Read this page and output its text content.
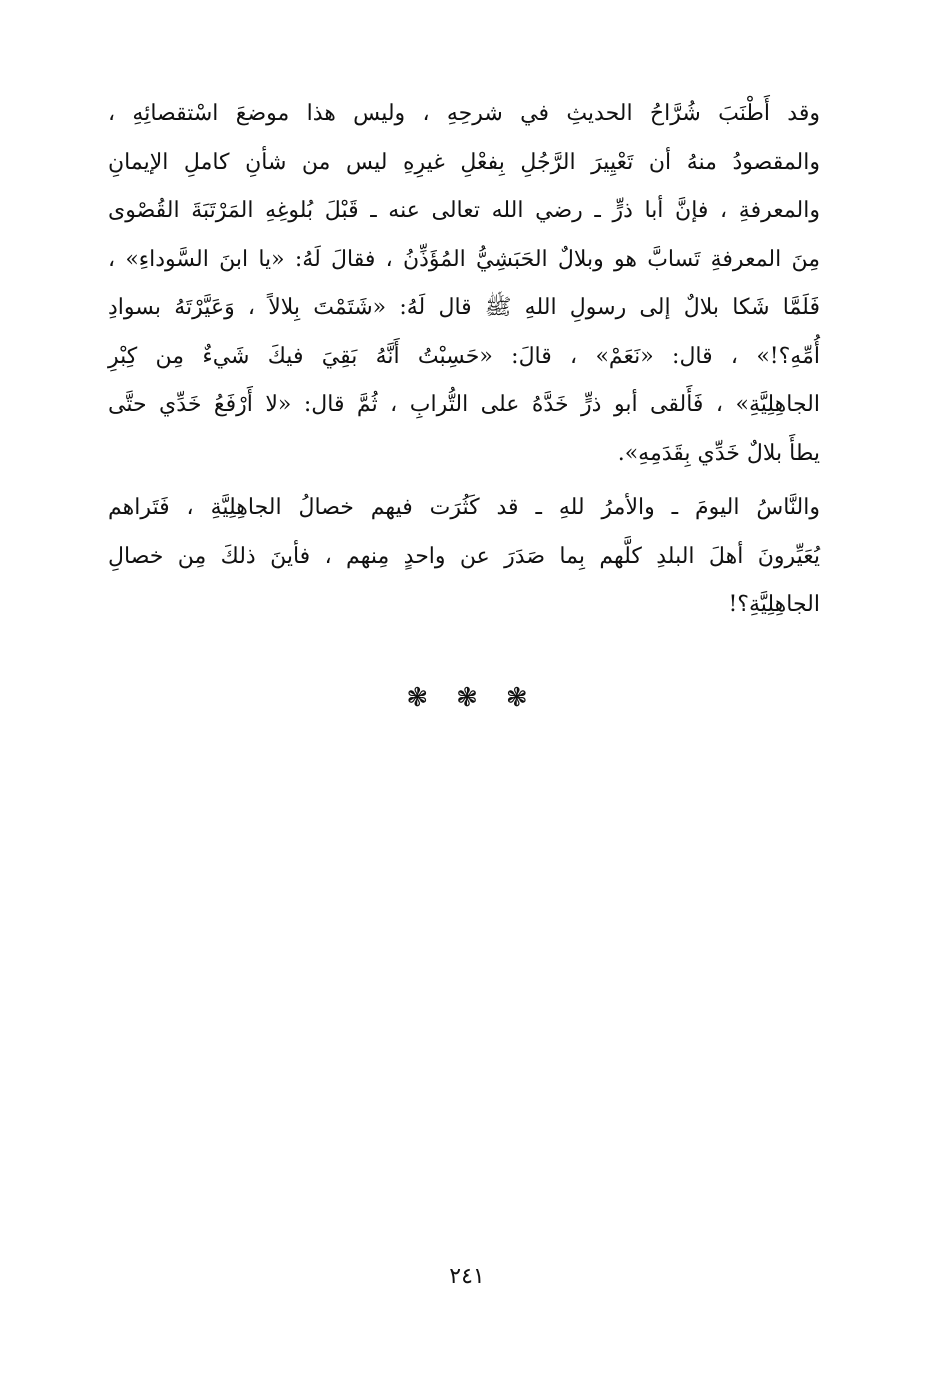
وقد أَطْنَبَ شُرَّاحُ الحديثِ في شرحِهِ ، وليس هذا موضعَ اسْتقصائِهِ ،
والمقصودُ منهُ أن تَعْيِيرَ الرَّجُلِ بِفعْلِ غيرِهِ ليس من شأنِ كاملِ الإيمانِ
والمعرفةِ ، فإنَّ أبا ذرٍّ ـ رضي الله تعالى عنه ـ قَبْلَ بُلوغِهِ المَرْتَبَةَ القُصْوى
مِنَ المعرفةِ تَسابَّ هو وبلالٌ الحَبَشِيُّ المُؤَذِّنُ ، فقالَ لَهُ: «يا ابنَ السَّوداءِ» ،
فَلَمَّا شَكا بلالٌ إلى رسولِ اللهِ ﷺ قال لَهُ: «شَتَمْتَ بِلالاً ، وَعَيَّرْتَهُ بسوادِ
أُمِّهِ؟!» ، قال: «نَعَمْ» ، قالَ: «حَسِبْتُ أَنَّهُ بَقِيَ فيكَ شَيءٌ مِن كِبْرِ
الجاهِلِيَّةِ» ، فَأَلقى أبو ذرٍّ خَدَّهُ على التُّرابِ ، ثُمَّ قال: «لا أَرْفَعُ خَدِّي حتَّى
يطأَ بلالٌ خَدِّي بِقَدَمِهِ».
والنَّاسُ اليومَ ـ والأمرُ للهِ ـ قد كَثُرَت فيهم خصالُ الجاهِلِيَّةِ ، فَتَراهم
يُعَيِّرونَ أهلَ البلدِ كلَّهم بِما صَدَرَ عن واحدٍ مِنهم ، فأينَ ذلكَ مِن خصالِ
الجاهِلِيَّةِ؟!
❃❃❃
٢٤١
